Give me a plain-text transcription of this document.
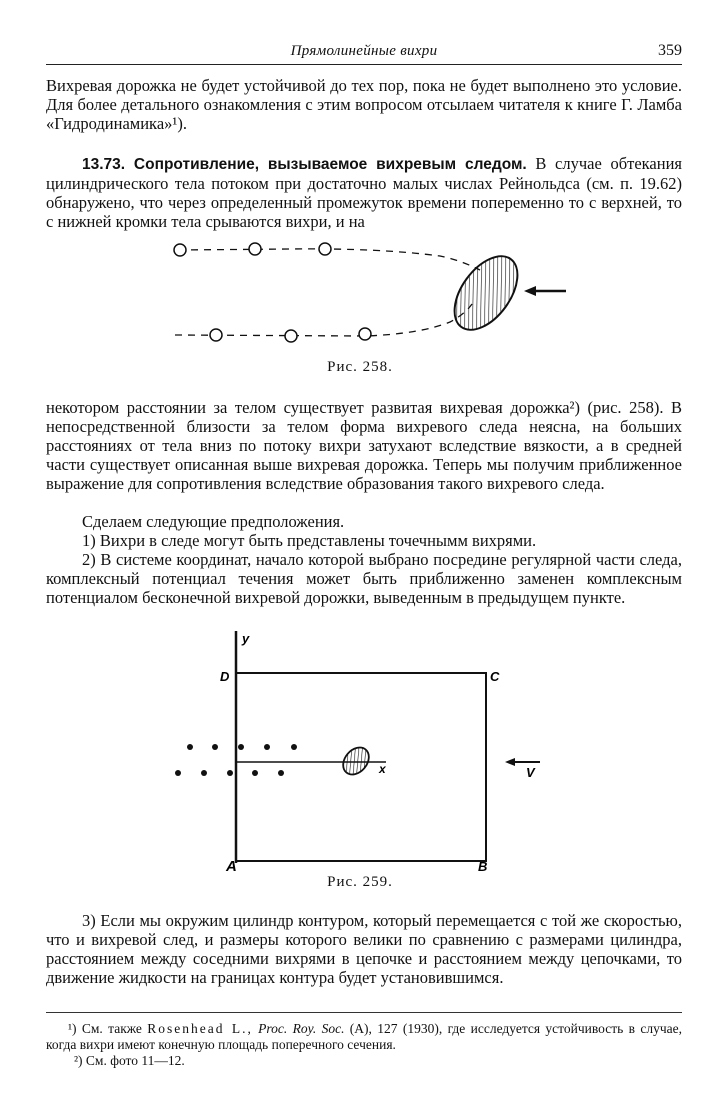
Прямолинейные вихри	359

Вихревая дорожка не будет устойчивой до тех пор, пока не будет выполнено это условие. Для более детального ознакомления с этим вопросом отсылаем читателя к книге Г. Ламба «Гидродинамика»¹).

13.73. Сопротивление, вызываемое вихревым следом. В случае обтекания цилиндрического тела потоком при достаточно малых числах Рейнольдса (см. п. 19.62) обнаружено, что через определенный промежуток времени попеременно то с верхней, то с нижней кромки тела срываются вихри, и на

Рис. 258.

некотором расстоянии за телом существует развитая вихревая дорожка²) (рис. 258). В непосредственной близости за телом форма вихревого следа неясна, на больших расстояниях от тела вниз по потоку вихри затухают вследствие вязкости, а в средней части существует описанная выше вихревая дорожка. Теперь мы получим приближенное выражение для сопротивления вследствие образования такого вихревого следа.

Сделаем следующие предположения.

1) Вихри в следе могут быть представлены точечнымм вихрями.

2) В системе координат, начало которой выбрано посредине регулярной части следа, комплексный потенциал течения может быть приближенно заменен комплексным потенциалом бесконечной вихревой дорожки, выведенным в предыдущем пункте.

y
D	C
A	B
x	V
Рис. 259.

3) Если мы окружим цилиндр контуром, который перемещается с той же скоростью, что и вихревой след, и размеры которого велики по сравнению с размерами цилиндра, расстоянием между соседними вихрями в цепочке и расстоянием между цепочками, то движение жидкости на границах контура будет установившимся.

¹) См. также Rosenhead L., Proc. Roy. Soc. (A), 127 (1930), где исследуется устойчивость в случае, когда вихри имеют конечную площадь поперечного сечения.

²) См. фото 11—12.
